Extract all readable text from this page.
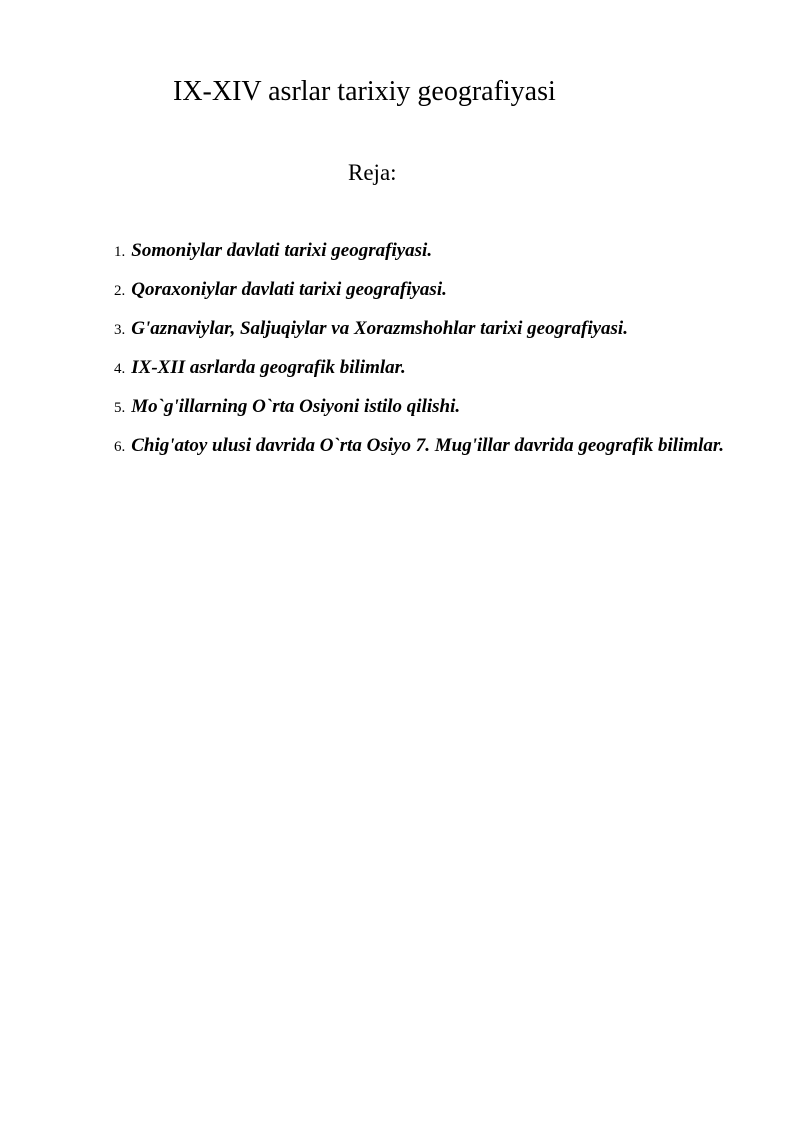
IX-XIV asrlar tarixiy geografiyasi
Reja:
1. Somoniylar davlati tarixi geografiyasi.
2. Qoraxoniylar davlati tarixi geografiyasi.
3. G'aznaviylar, Saljuqiylar va Xorazmshohlar tarixi geografiyasi.
4. IX-XII asrlarda geografik bilimlar.
5. Mo`g'illarning O`rta Osiyoni istilo qilishi.
6. Chig'atoy ulusi davrida O`rta Osiyo 7. Mug'illar davrida geografik bilimlar.
